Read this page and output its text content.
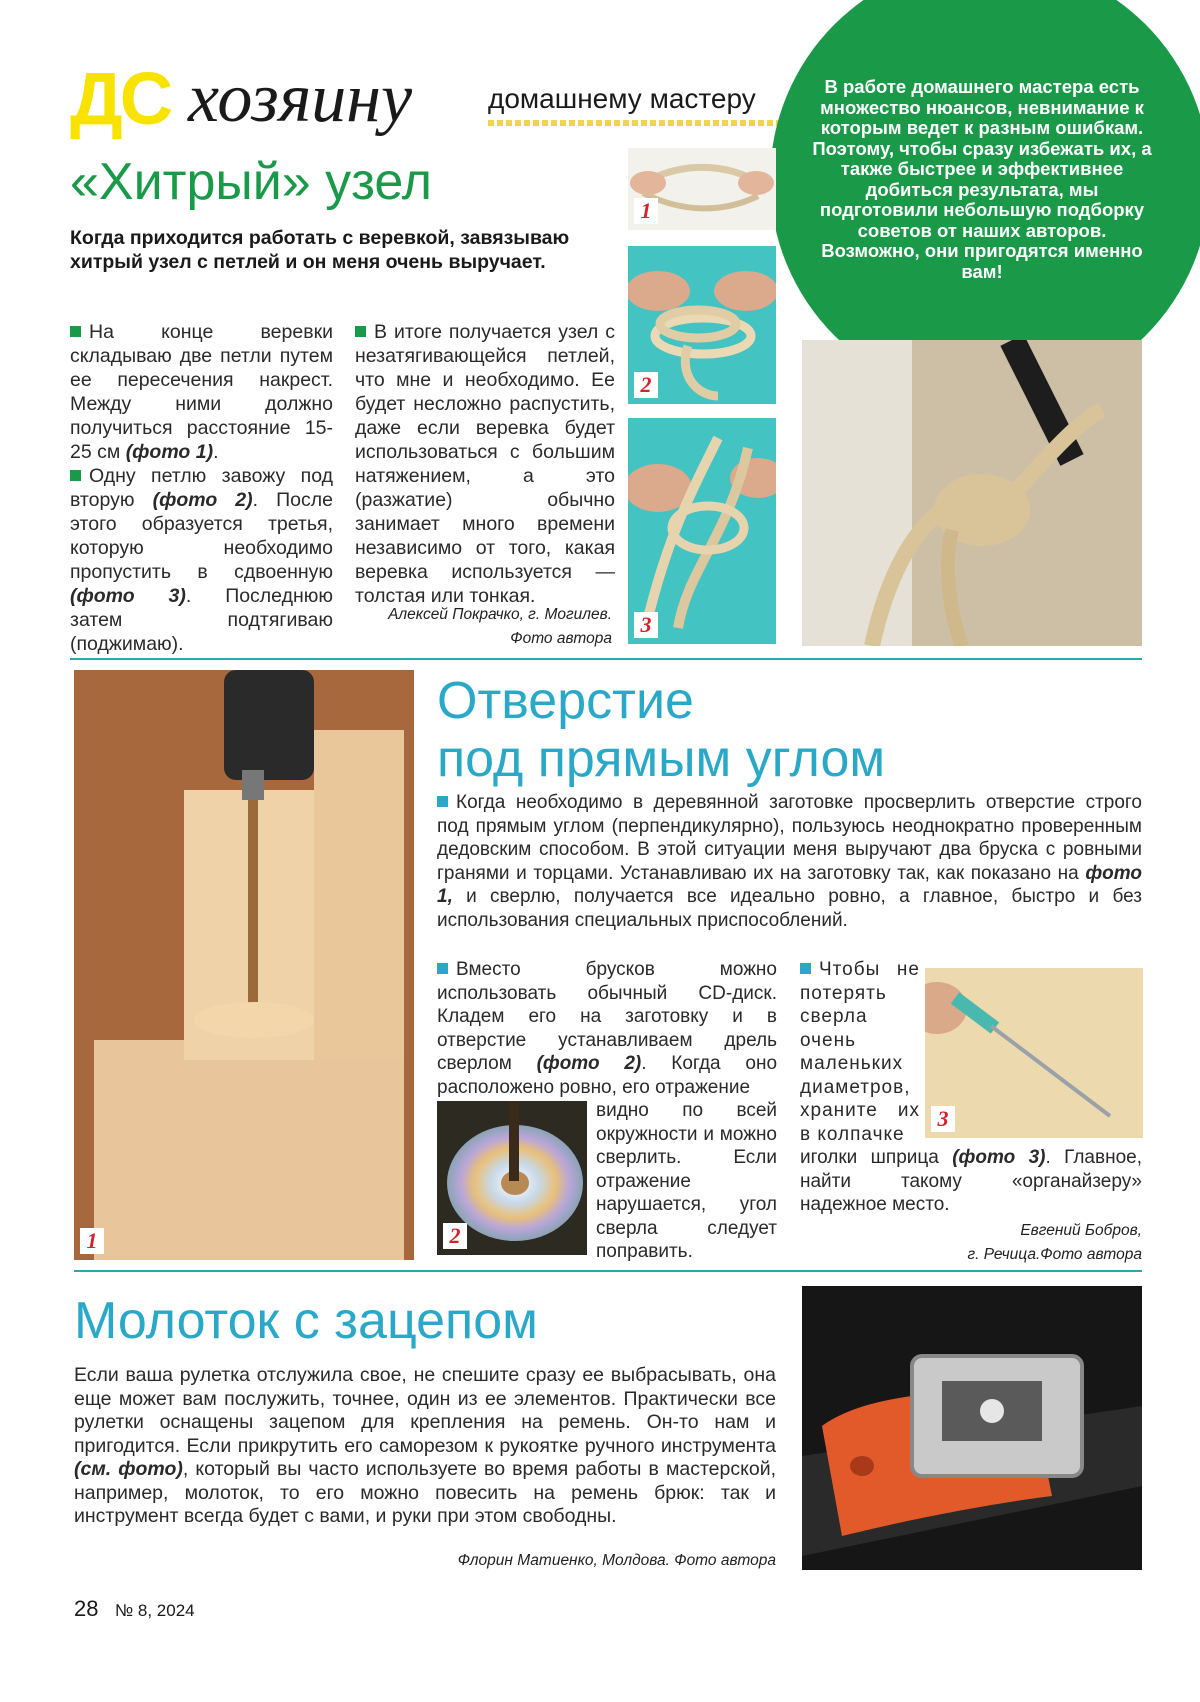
ДС хозяину	домашнему мастеру	В работе домашнего мастера есть множество нюансов, невнимание к которым ведет к разным ошибкам. Поэтому, чтобы сразу избежать их, а также быстрее и эффективнее добиться результата, мы подготовили небольшую подборку советов от наших авторов. Возможно, они пригодятся именно вам!
«Хитрый» узел
Когда приходится работать с веревкой, завязываю хитрый узел с петлей и он меня очень выручает.

На конце веревки складываю две петли путем ее пересечения накрест. Между ними должно получиться расстояние 15-25 см (фото 1).

Одну петлю завожу под вторую (фото 2). После этого образуется третья, которую необходимо пропустить в сдвоенную (фото 3). Последнюю затем подтягиваю (поджимаю).

В итоге получается узел с незатягивающейся петлей, что мне и необходимо. Ее будет несложно распустить, даже если веревка будет использоваться с большим натяжением, а это (разжатие) обычно занимает много времени независимо от того, какая веревка используется — толстая или тонкая.

Алексей Покрачко, г. Могилев.
Фото автора
1
2
3
1
Отверстие
под прямым углом

Когда необходимо в деревянной заготовке просверлить отверстие строго под прямым углом (перпендикулярно), пользуюсь неоднократно проверенным дедовским способом. В этой ситуации меня выручают два бруска с ровными гранями и торцами. Устанавливаю их на заготовку так, как показано на фото 1, и сверлю, получается все идеально ровно, а главное, быстро и без использования специальных приспособлений.

Вместо брусков можно использовать обычный CD-диск. Кладем его на заготовку и в отверстие устанавливаем дрель сверлом (фото 2). Когда оно расположено ровно, его отражение

видно по всей окружности и можно сверлить. Если отражение нарушается, угол сверла следует поправить.
2

Чтобы не потерять сверла очень маленьких диаметров, храните их в колпачке

3
иголки шприца (фото 3). Главное, найти такому «органайзеру» надежное место.
Евгений Бобров,
г. Речица.Фото автора
Молоток с зацепом
Если ваша рулетка отслужила свое, не спешите сразу ее выбрасывать, она еще может вам послужить, точнее, один из ее элементов. Практически все рулетки оснащены зацепом для крепления на ремень. Он-то нам и пригодится. Если прикрутить его саморезом к рукоятке ручного инструмента (см. фото), который вы часто используете во время работы в мастерской, например, молоток, то его можно повесить на ремень брюк: так и инструмент всегда будет с вами, и руки при этом свободны.
Флорин Матиенко, Молдова. Фото автора
28 № 8, 2024
